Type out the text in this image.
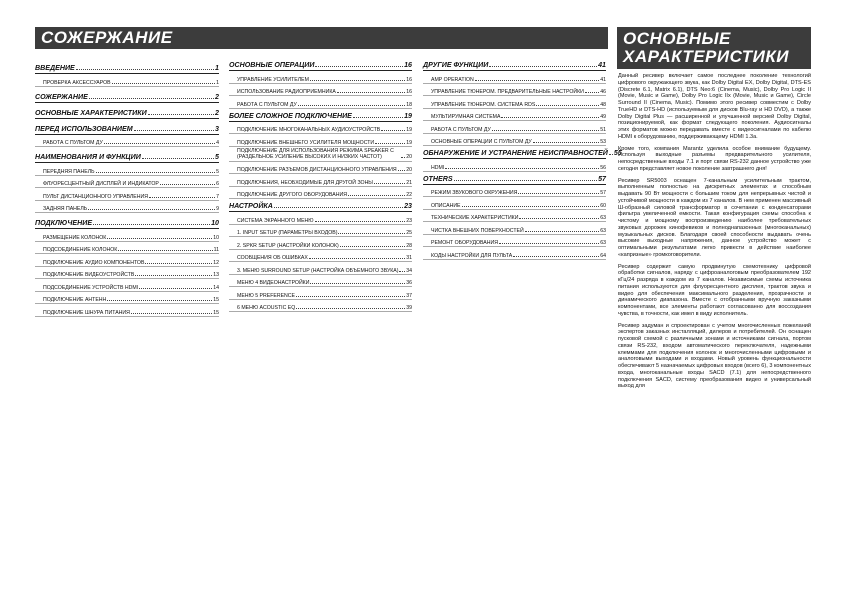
СОЖЕРЖАНИЕ	ОСНОВНЫЕ
ХАРАКТЕРИСТИКИ
ВВЕДЕНИЕ	1
ПРОВЕРКА АКСЕССУАРОВ	1
СОЖЕРЖАНИЕ	2
ОСНОВНЫЕ ХАРАКТЕРИСТИКИ	2
ПЕРЕД ИСПОЛЬЗОВАНИЕМ	3
РАБОТА С ПУЛЬТОМ ДУ	4
НАИМЕНОВАНИЯ И ФУНКЦИИ	5
ПЕРЕДНЯЯ ПАНЕЛЬ	5
ФЛУОРЕСЦЕНТНЫЙ ДИСПЛЕЙ И ИНДИКАТОР	6
ПУЛЬТ ДИСТАНЦИОННОГО УПРАВЛЕНИЯ	7
ЗАДНЯЯ ПАНЕЛЬ	9
ПОДКЛЮЧЕНИЕ	10
РАЗМЕЩЕНИЕ КОЛОНОК	10
ПОДСОЕДИНЕНИЕ КОЛОНОК	11
ПОДКЛЮЧЕНИЕ АУДИО КОМПОНЕНТОВ	12
ПОДКЛЮЧЕНИЕ ВИДЕОУСТРОЙСТВ	13
ПОДСОЕДИНЕНИЕ УСТРОЙСТВ HDMI	14
ПОДКЛЮЧЕНИЕ АНТЕНН	15
ПОДКЛЮЧЕНИЕ ШНУРА ПИТАНИЯ	15
ОСНОВНЫЕ ОПЕРАЦИИ	16
УПРАВЛЕНИЕ УСИЛИТЕЛЕМ	16
ИСПОЛЬЗОВАНИЕ РАДИОПРИЕМНИКА	16
РАБОТА С ПУЛЬТОМ ДУ	18
БОЛЕЕ СЛОЖНОЕ ПОДКЛЮЧЕНИЕ	19
ПОДКЛЮЧЕНИЕ МНОГОКАНАЛЬНЫХ АУДИОУСТРОЙСТВ	19
ПОДКЛЮЧЕНИЕ ВНЕШНЕГО УСИЛИТЕЛЯ МОЩНОСТИ	19
ПОДКЛЮЧЕНИЕ ДЛЯ ИСПОЛЬЗОВАНИЯ РЕЖИМА SPEAKER C (РАЗДЕЛЬНОЕ УСИЛЕНИЕ ВЫСОКИХ И НИЗКИХ ЧАСТОТ)	20
ПОДКЛЮЧЕНИЕ РАЗЪЕМОВ ДИСТАНЦИОННОГО УПРАВЛЕНИЯ 20
ПОДКЛЮЧЕНИЯ, НЕОБХОДИМЫЕ ДЛЯ ДРУГОЙ ЗОНЫ	21
ПОДКЛЮЧЕНИЕ ДРУГОГО ОБОРУДОВАНИЯ	22
НАСТРОЙКА	23
СИСТЕМА ЭКРАННОГО МЕНЮ	23
1. INPUT SETUP (ПАРАМЕТРЫ ВХОДОВ)	25
2. SPKR SETUP (НАСТРОЙКИ КОЛОНОК)	28
СООБЩЕНИЯ ОБ ОШИБКАХ	31
3. МЕНЮ SURROUND SETUP (НАСТРОЙКА ОБЪЕМНОГО ЗВУКА) 34
МЕНЮ 4 ВИДЕОНАСТРОЙКИ	36
МЕНЮ 5 PREFERENCE	37
6 МЕНЮ ACOUSTIC EQ	39
ДРУГИЕ ФУНКЦИИ	41
AMP OPERATION	41
УПРАВЛЕНИЕ ТЮНЕРОМ. ПРЕДВАРИТЕЛЬНЫЕ НАСТРОЙКИ	46
УПРАВЛЕНИЕ ТЮНЕРОМ. СИСТЕМА RDS	48
МУЛЬТИРУМНАЯ СИСТЕМА	49
РАБОТА С ПУЛЬТОМ ДУ	51
ОСНОВНЫЕ ОПЕРАЦИИ С ПУЛЬТОМ ДУ	53
ОБНАРУЖЕНИЕ И УСТРАНЕНИЕ НЕИСПРАВНОСТЕЙ 55
HDMI	56
OTHERS	57
РЕЖИМ ЗВУКОВОГО ОКРУЖЕНИЯ	57
ОПИСАНИЕ	60
ТЕХНИЧЕСКИЕ ХАРАКТЕРИСТИКИ	63
ЧИСТКА ВНЕШНИХ ПОВЕРХНОСТЕЙ	63
РЕМОНТ ОБОРУДОВАНИЯ	63
КОДЫ НАСТРОЙКИ ДЛЯ ПУЛЬТА	64

Данный ресивер включает самое последнее поколение технологий цифрового окружающего звука, как Dolby Digital EX, Dolby Digital, DTS-ES (Discrete 6.1, Matrix 6.1), DTS Neo:6 (Cinema, Music), Dolby Pro Logic II (Movie, Music и Game), Dolby Pro Logic IIx (Movie, Music и Game), Circle Surround II (Cinema, Music). Помимо этого ресивер совместим с Dolby TrueHD и DTS-HD (используемым для дисков Blu-ray и HD DVD), а также Dolby Digital Plus — расширенной и улучшенной версией Dolby Digital, позиционируемой, как формат следующего поколения. Аудиосигналы этих форматов можно передавать вместе с видеосигналами по кабелю HDMI к оборудованию, поддерживающему HDMI 1.3a.

Кроме того, компания Marantz уделила особое внимание будущему. Используя выходные разъемы предварительного усилителя, непосредственные входы 7.1 и порт связи RS-232 данное устройство уже сегодня представляет новое поколение завтрашнего дня!

Ресивер SR5003 оснащен 7-канальным усилительным трактом, выполненным полностью на дискретных элементах и способным выдавать 90 Вт мощности с большим током для непрерывных чистой и устойчивой мощности в каждом из 7 каналов. В нем применен массивный Ш-образный силовой трансформатор в сочетании с конденсаторами фильтра увеличенной емкости. Такая конфигурация схемы способна к чистому и мощному воспроизведению наиболее требовательных звуковых дорожек кинофевиков и полноднапазонных (многоканальных) музыкальных дисков. Благодаря своей способности выдавать очень высокие выходные напряжения, данное устройство может с оптимальными результатами легко привести в действие наиболее «капризные» громкоговорители.

Ресивер содержит самую продвинутую схемотехнику цифровой обработки сигналов, наряду с цифроаналоговым преобразователем 192 кГц/24 разряда в каждом из 7 каналов. Независимые схемы источника питания используются для флуоресцентного дисплея, трактов звука и видео для обеспечения максимального разделения, прозрачности и динамического диапазона. Вместе с отобранными вручную заказными компонентами, все элементы работают согласованно для воссоздания чувства, в точности, как имел в виду исполнитель.

Ресивер задуман и спроектирован с учетом многочисленных пожеланий экспертов заказных инсталляций, дилеров и потребителей. Он оснащен пусковой схемой с различными зонами и источниками сигнала, портом связи RS-232, входом автоматического переключателя, надежными клеммами для подключения колонок и многочисленными цифровыми и аналоговыми выходами и входами. Новый уровень функциональности обеспечивают 5 назначаемых цифровых входов (всего 6), 3 компонентных входа, многоканальные входы SACD (7.1) для непосредственного подключения SACD, систему преобразования видео и универсальный выход для
